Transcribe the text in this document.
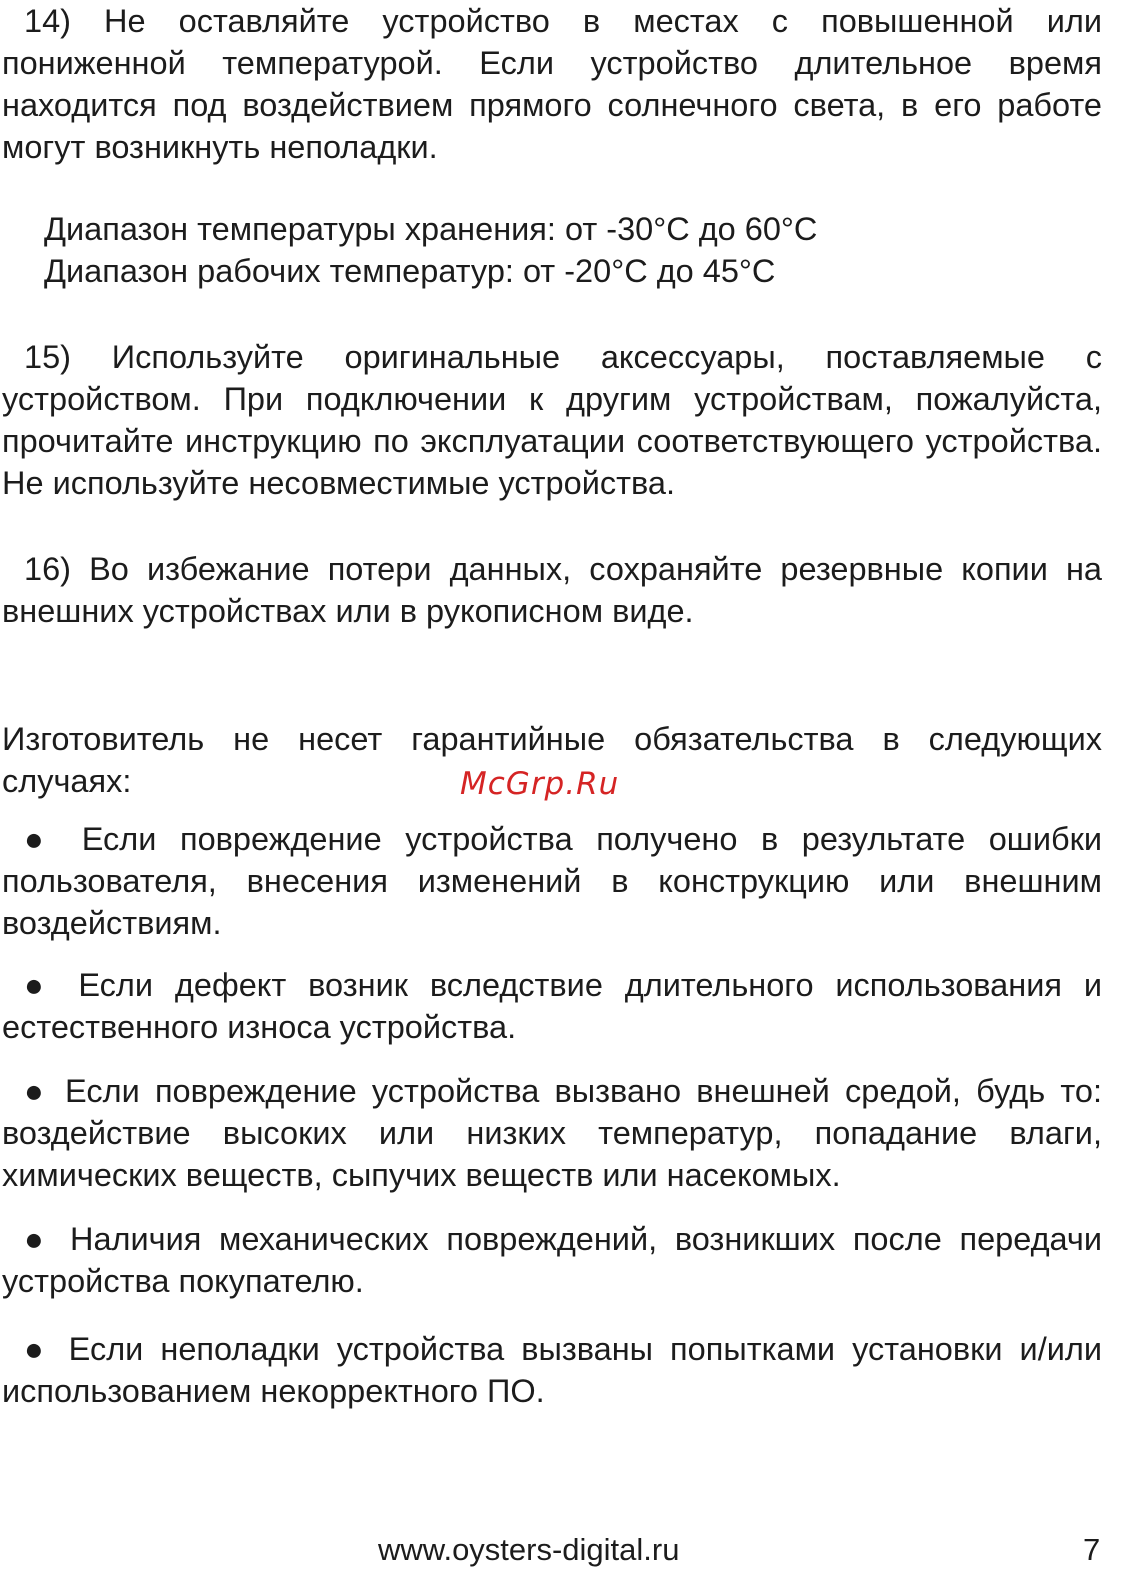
14) Не оставляйте устройство в местах с повышенной или пониженной температурой. Если устройство длительное время находится под воздействием прямого солнечного света, в его работе могут возникнуть неполадки.

Диапазон температуры хранения: от -30°C до 60°C

Диапазон рабочих температур: от -20°C до 45°C

15) Используйте оригинальные аксессуары, поставляемые с устройством. При подключении к другим устройствам, пожалуйста, прочитайте инструкцию по эксплуатации соответствующего устройства. Не используйте несовместимые устройства.

16) Во избежание потери данных, сохраняйте резервные копии на внешних устройствах или в рукописном виде.

Изготовитель не несет гарантийные обязательства в следующих случаях:	McGrp.Ru

● Если повреждение устройства получено в результате ошибки пользователя, внесения изменений в конструкцию или внешним воздействиям.

● Если дефект возник вследствие длительного использования и естественного износа устройства.

● Если повреждение устройства вызвано внешней средой, будь то: воздействие высоких или низких температур, попадание влаги, химических веществ, сыпучих веществ или насекомых.

● Наличия механических повреждений, возникших после передачи устройства покупателю.

● Если неполадки устройства вызваны попытками установки и/или использованием некорректного ПО.

www.oysters-digital.ru	7
